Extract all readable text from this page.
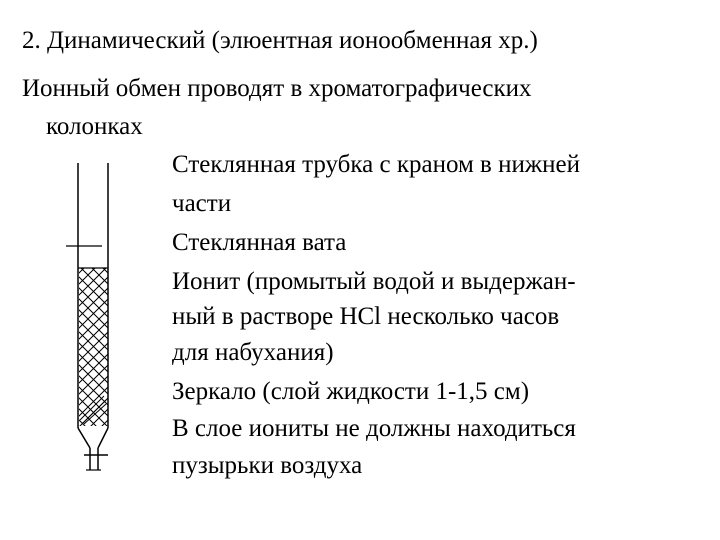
2. Динамический (элюентная ионообменная хр.)
Ионный обмен проводят в хроматографических
колонках
Стеклянная трубка с краном в нижней
части
Стеклянная вата
Ионит (промытый водой и выдержан-
ный в растворе HCl несколько часов
для набухания)
Зеркало (слой жидкости 1-1,5 см)
В слое иониты не должны находиться
пузырьки воздуха
